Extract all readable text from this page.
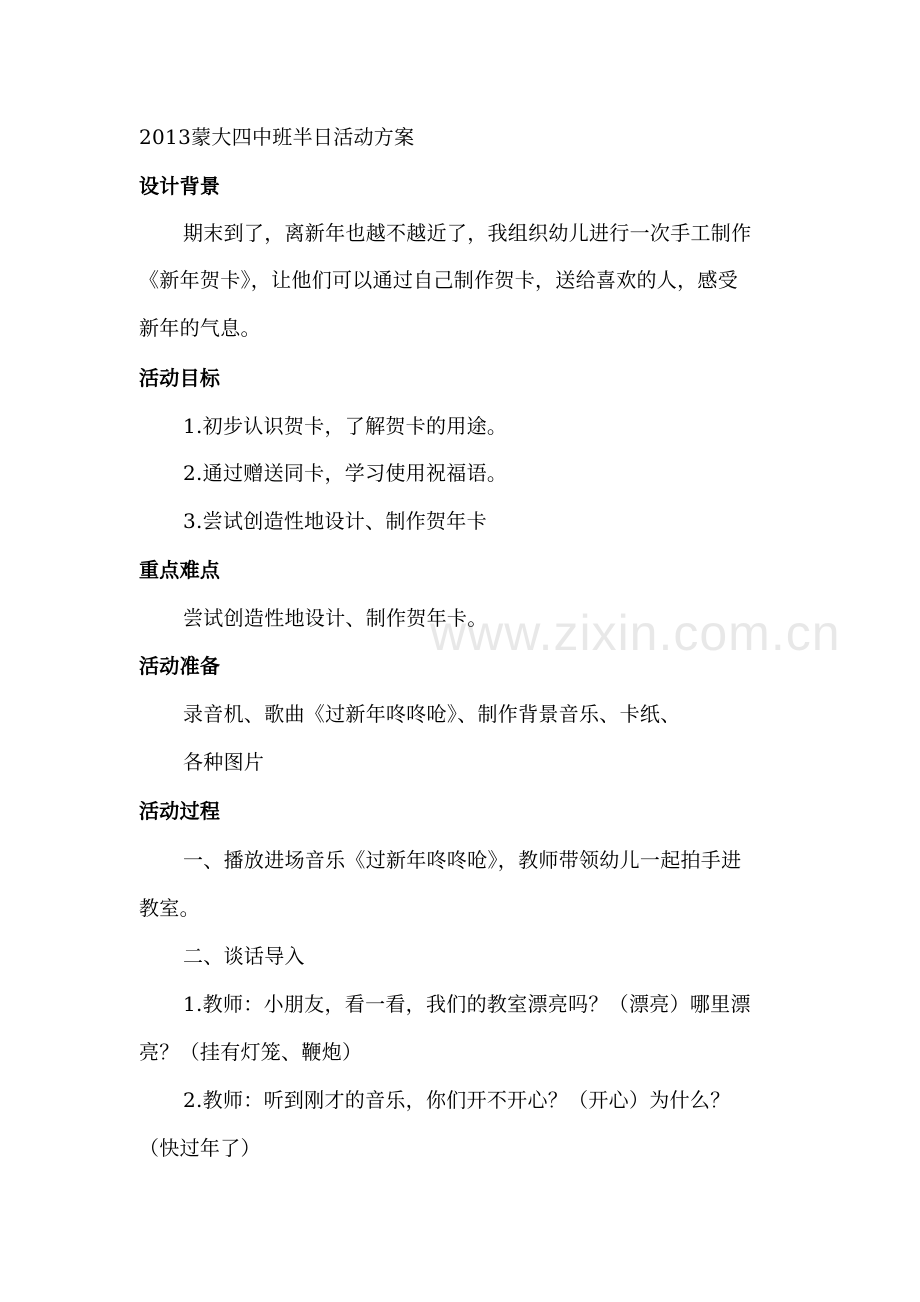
www.zixin.com.cn
2013蒙大四中班半日活动方案
设计背景
期末到了，离新年也越不越近了，我组织幼儿进行一次手工制作
《新年贺卡》，让他们可以通过自己制作贺卡，送给喜欢的人，感受
新年的气息。
活动目标
1.初步认识贺卡，了解贺卡的用途。
2.通过赠送同卡，学习使用祝福语。
3.尝试创造性地设计、制作贺年卡
重点难点
尝试创造性地设计、制作贺年卡。
活动准备
录音机、歌曲《过新年咚咚呛》、制作背景音乐、卡纸、
各种图片
活动过程
一、播放进场音乐《过新年咚咚呛》，教师带领幼儿一起拍手进
教室。
二、谈话导入
1.教师：小朋友，看一看，我们的教室漂亮吗？（漂亮）哪里漂
亮？（挂有灯笼、鞭炮）
2.教师：听到刚才的音乐，你们开不开心？（开心）为什么？
（快过年了）
